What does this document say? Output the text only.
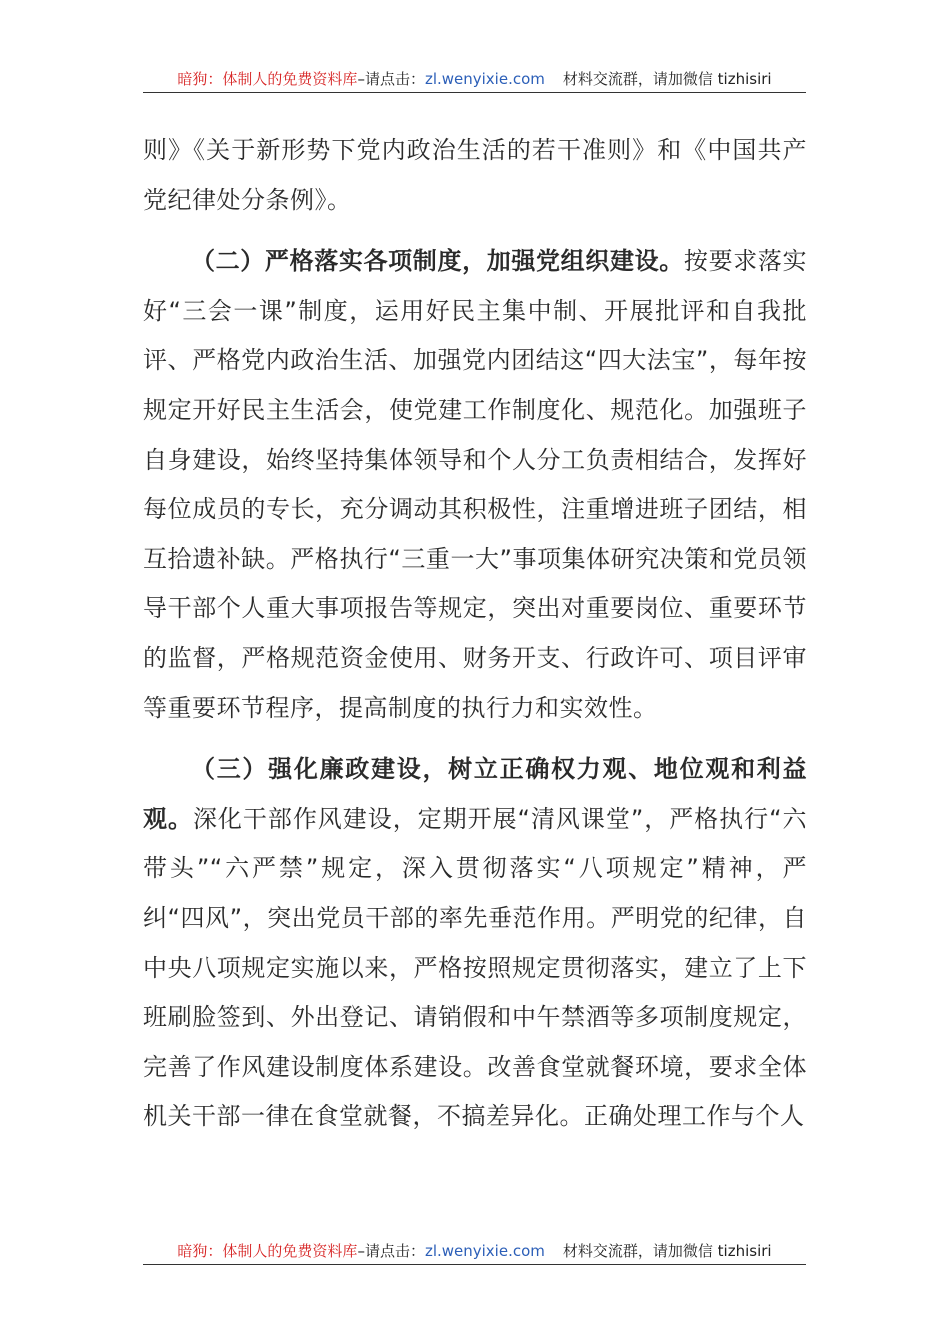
暗狗：体制人的免费资料库–请点击：zl.wenyixie.com 材料交流群，请加微信 tizhisiri

则》《关于新形势下党内政治生活的若干准则》和《中国共产党纪律处分条例》。

（二）严格落实各项制度，加强党组织建设。按要求落实好“三会一课”制度，运用好民主集中制、开展批评和自我批评、严格党内政治生活、加强党内团结这“四大法宝”，每年按规定开好民主生活会，使党建工作制度化、规范化。加强班子自身建设，始终坚持集体领导和个人分工负责相结合，发挥好每位成员的专长，充分调动其积极性，注重增进班子团结，相互拾遗补缺。严格执行“三重一大”事项集体研究决策和党员领导干部个人重大事项报告等规定，突出对重要岗位、重要环节的监督，严格规范资金使用、财务开支、行政许可、项目评审等重要环节程序，提高制度的执行力和实效性。

（三）强化廉政建设，树立正确权力观、地位观和利益观。深化干部作风建设，定期开展“清风课堂”，严格执行“六带头”“六严禁”规定，深入贯彻落实“八项规定”精神，严纠“四风”，突出党员干部的率先垂范作用。严明党的纪律，自中央八项规定实施以来，严格按照规定贯彻落实，建立了上下班刷脸签到、外出登记、请销假和中午禁酒等多项制度规定，完善了作风建设制度体系建设。改善食堂就餐环境，要求全体机关干部一律在食堂就餐，不搞差异化。正确处理工作与个人

暗狗：体制人的免费资料库–请点击：zl.wenyixie.com 材料交流群，请加微信 tizhisiri
